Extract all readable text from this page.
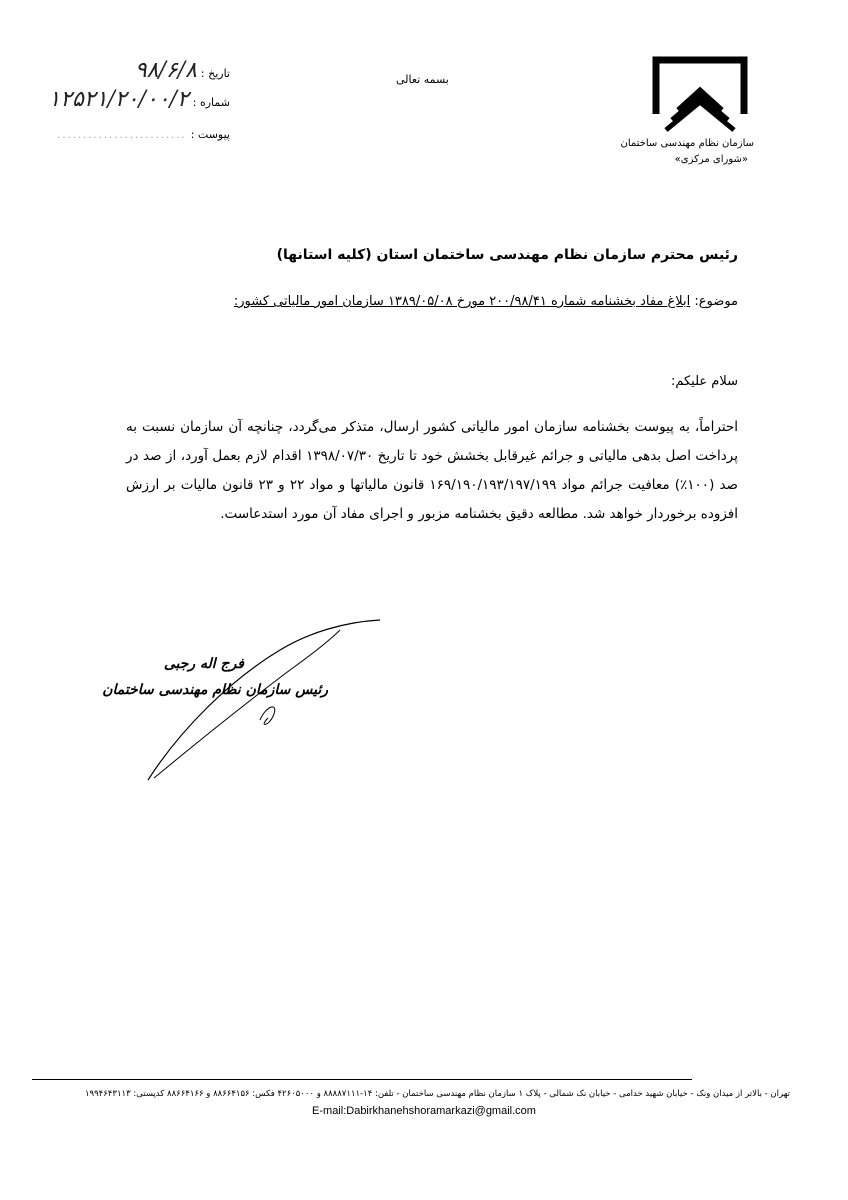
سازمان نظام مهندسی ساختمان
«شورای مرکزی»
بسمه تعالی
تاریخ :
۹۸/۶/۸
شماره :
۱۲۵۲۱/۲۰/۰۰/۲
پیوست :
.........................
رئیس محترم سازمان نظام مهندسی ساختمان استان (کلیه استانها)
موضوع: ابلاغ مفاد بخشنامه شماره ۲۰۰/۹۸/۴۱ مورخ ۱۳۸۹/۰۵/۰۸ سازمان امور مالیاتی کشور:
سلام علیکم:
احتراماً، به پیوست بخشنامه سازمان امور مالیاتی کشور ارسال، متذکر می‌گردد، چنانچه آن سازمان نسبت به پرداخت اصل بدهی مالیاتی و جرائم غیرقابل بخشش خود تا تاریخ ۱۳۹۸/۰۷/۳۰ اقدام لازم بعمل آورد، از صد در صد (۱۰۰٪) معافیت جرائم مواد ۱۶۹/۱۹۰/۱۹۳/۱۹۷/۱۹۹ قانون مالیاتها و مواد ۲۲ و ۲۳ قانون مالیات بر ارزش افزوده برخوردار خواهد شد. مطالعه دقیق بخشنامه مزبور و اجرای مفاد آن مورد استدعاست.
فرج اله رجبی
رئیس سازمان نظام مهندسی ساختمان
تهران - بالاتر از میدان ونک - خیابان شهید خدامی - خیابان نک شمالی - پلاک ۱ سازمان نظام مهندسی ساختمان - تلفن: ۱۴-۸۸۸۸۷۱۱۱ و ۴۲۶۰۵۰۰۰ فکس: ۸۸۶۶۴۱۵۶ و ۸۸۶۶۴۱۶۶ کدپستی: ۱۹۹۴۶۴۳۱۱۳
E-mail:Dabirkhanehshoramarkazi@gmail.com
